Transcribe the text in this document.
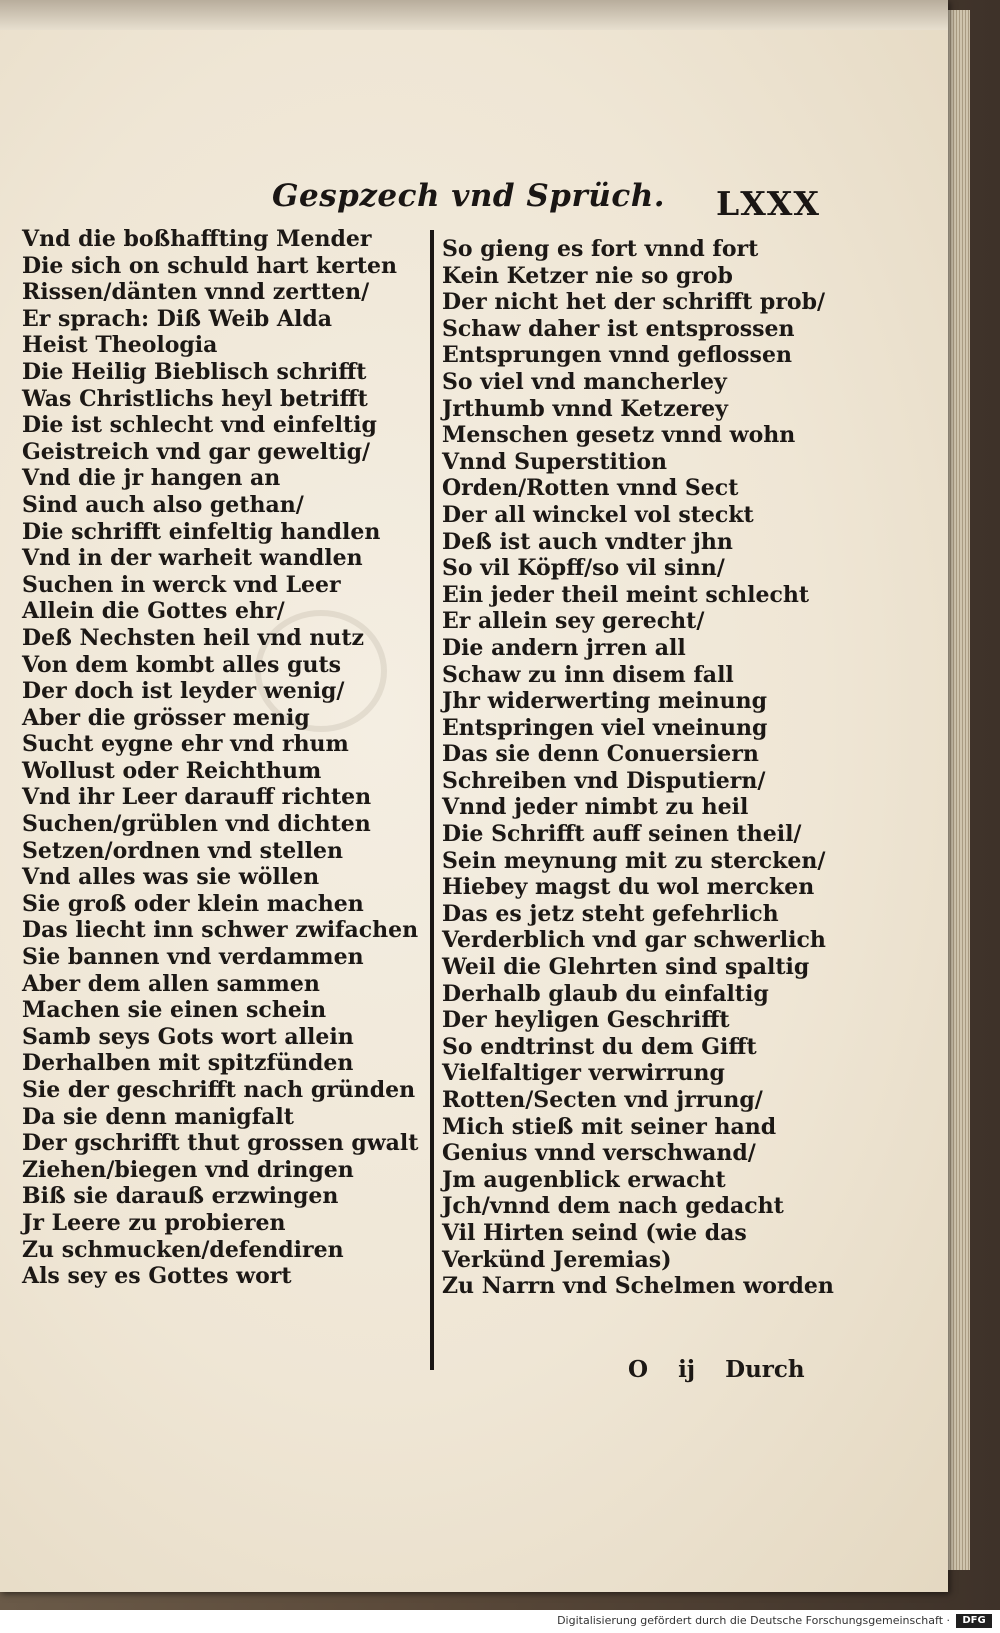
Gespzech vnd Sprüch. LXXX
Vnd die boßhaffting Mender
Die sich on schuld hart kerten
Rissen/dänten vnnd zertten/
Er sprach: Diß Weib Alda
Heist Theologia
Die Heilig Bieblisch schrifft
Was Christlichs heyl betrifft
Die ist schlecht vnd einfeltig
Geistreich vnd gar geweltig/
Vnd die jr hangen an
Sind auch also gethan/
Die schrifft einfeltig handlen
Vnd in der warheit wandlen
Suchen in werck vnd Leer
Allein die Gottes ehr/
Deß Nechsten heil vnd nutz
Von dem kombt alles guts
Der doch ist leyder wenig/
Aber die grösser menig
Sucht eygne ehr vnd rhum
Wollust oder Reichthum
Vnd ihr Leer darauff richten
Suchen/grüblen vnd dichten
Setzen/ordnen vnd stellen
Vnd alles was sie wöllen
Sie groß oder klein machen
Das liecht inn schwer zwifachen
Sie bannen vnd verdammen
Aber dem allen sammen
Machen sie einen schein
Samb seys Gots wort allein
Derhalben mit spitzfünden
Sie der geschrifft nach gründen
Da sie denn manigfalt
Der gschrifft thut grossen gwalt
Ziehen/biegen vnd dringen
Biß sie darauß erzwingen
Jr Leere zu probieren
Zu schmucken/defendiren
Als sey es Gottes wort
So gieng es fort vnnd fort
Kein Ketzer nie so grob
Der nicht het der schrifft prob/
Schaw daher ist entsprossen
Entsprungen vnnd geflossen
So viel vnd mancherley
Jrthumb vnnd Ketzerey
Menschen gesetz vnnd wohn
Vnnd Superstition
Orden/Rotten vnnd Sect
Der all winckel vol steckt
Deß ist auch vndter jhn
So vil Köpff/so vil sinn/
Ein jeder theil meint schlecht
Er allein sey gerecht/
Die andern jrren all
Schaw zu inn disem fall
Jhr widerwerting meinung
Entspringen viel vneinung
Das sie denn Conuersiern
Schreiben vnd Disputiern/
Vnnd jeder nimbt zu heil
Die Schrifft auff seinen theil/
Sein meynung mit zu stercken/
Hiebey magst du wol mercken
Das es jetz steht gefehrlich
Verderblich vnd gar schwerlich
Weil die Glehrten sind spaltig
Derhalb glaub du einfaltig
Der heyligen Geschrifft
So endtrinst du dem Gifft
Vielfaltiger verwirrung
Rotten/Secten vnd jrrung/
Mich stieß mit seiner hand
Genius vnnd verschwand/
Jm augenblick erwacht
Jch/vnnd dem nach gedacht
Vil Hirten seind (wie das
Verkünd Jeremias)
Zu Narrn vnd Schelmen worden
O ij Durch
Digitalisierung gefördert durch die Deutsche Forschungsgemeinschaft ·	DFG
